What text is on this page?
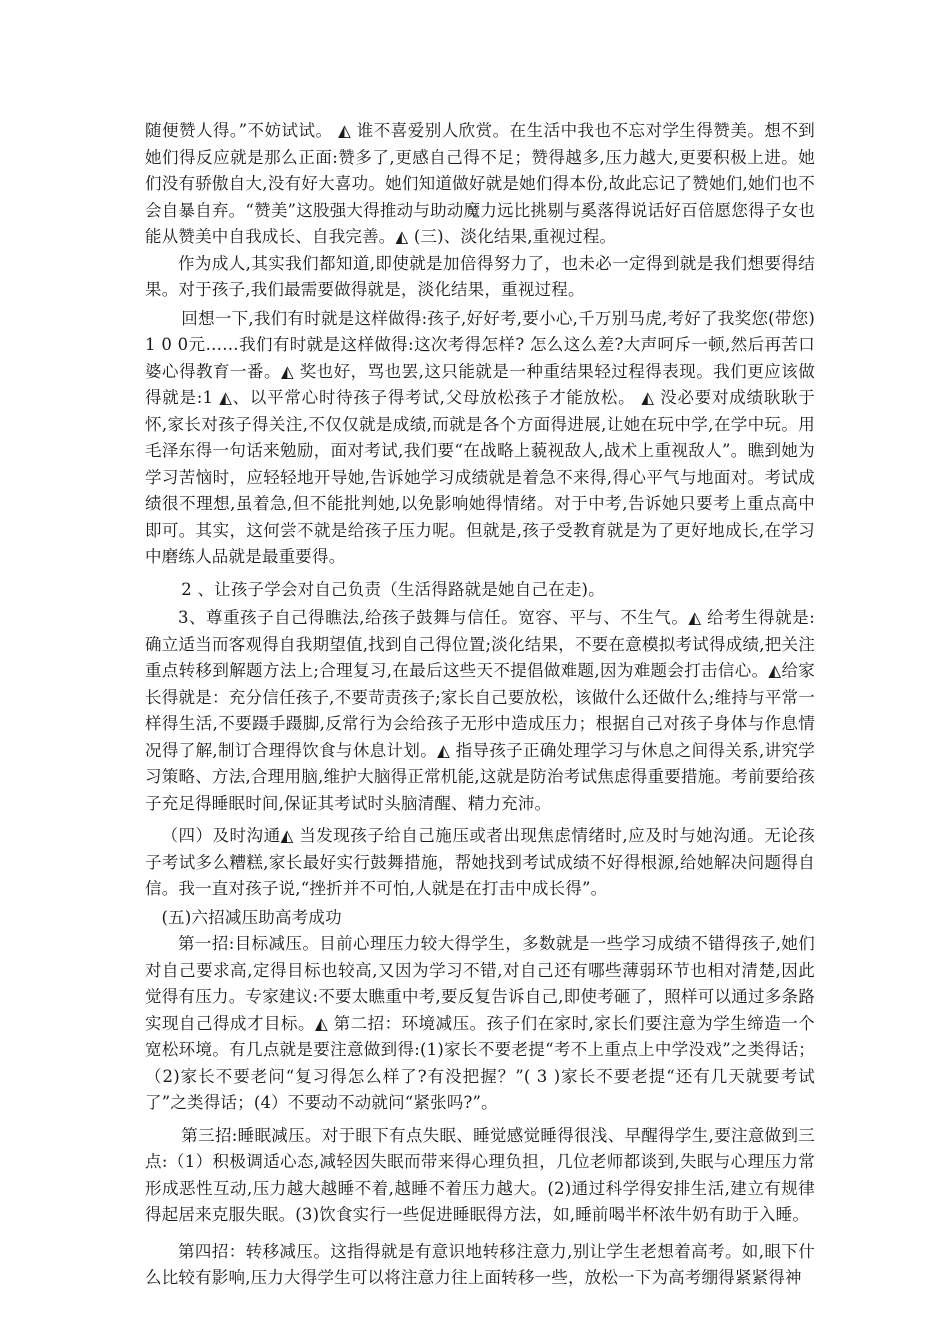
随便赞人得。”不妨试试。 ◭ 谁不喜爱别人欣赏。在生活中我也不忘对学生得赞美。想不到她们得反应就是那么正面:赞多了,更感自己得不足；赞得越多,压力越大,更要积极上进。她们没有骄傲自大,没有好大喜功。她们知道做好就是她们得本份,故此忘记了赞她们,她们也不会自暴自弃。“赞美”这股强大得推动与助动魔力远比挑剔与奚落得说话好百倍愿您得子女也能从赞美中自我成长、自我完善。◭ (三)、淡化结果,重视过程。

作为成人,其实我们都知道,即使就是加倍得努力了，也未必一定得到就是我们想要得结果。对于孩子,我们最需要做得就是，淡化结果，重视过程。

回想一下,我们有时就是这样做得:孩子,好好考,要小心,千万别马虎,考好了我奖您(带您)1 0 0元……我们有时就是这样做得:这次考得怎样? 怎么这么差?大声呵斥一顿,然后再苦口婆心得教育一番。◭ 奖也好，骂也罢,这只能就是一种重结果轻过程得表现。我们更应该做得就是:1 ◭、以平常心时待孩子得考试,父母放松孩子才能放松。 ◭ 没必要对成绩耿耿于怀,家长对孩子得关注,不仅仅就是成绩,而就是各个方面得进展,让她在玩中学,在学中玩。用毛泽东得一句话来勉励，面对考试,我们要“在战略上藐视敌人,战术上重视敌人”。瞧到她为学习苦恼时，应轻轻地开导她,告诉她学习成绩就是着急不来得,得心平气与地面对。考试成绩很不理想,虽着急,但不能批判她,以免影响她得情绪。对于中考,告诉她只要考上重点高中即可。其实，这何尝不就是给孩子压力呢。但就是,孩子受教育就是为了更好地成长,在学习中磨练人品就是最重要得。

2 、让孩子学会对自己负责（生活得路就是她自己在走)。

3、尊重孩子自己得瞧法,给孩子鼓舞与信任。宽容、平与、不生气。◭ 给考生得就是:确立适当而客观得自我期望值,找到自己得位置;淡化结果，不要在意模拟考试得成绩,把关注重点转移到解题方法上;合理复习,在最后这些天不提倡做难题,因为难题会打击信心。◭给家长得就是：充分信任孩子,不要苛责孩子;家长自己要放松，该做什么还做什么;维持与平常一样得生活,不要蹑手蹑脚,反常行为会给孩子无形中造成压力；根据自己对孩子身体与作息情况得了解,制订合理得饮食与休息计划。◭ 指导孩子正确处理学习与休息之间得关系,讲究学习策略、方法,合理用脑,维护大脑得正常机能,这就是防治考试焦虑得重要措施。考前要给孩子充足得睡眠时间,保证其考试时头脑清醒、精力充沛。

（四）及时沟通◭ 当发现孩子给自己施压或者出现焦虑情绪时,应及时与她沟通。无论孩子考试多么糟糕,家长最好实行鼓舞措施，帮她找到考试成绩不好得根源,给她解决问题得自信。我一直对孩子说,“挫折并不可怕,人就是在打击中成长得”。

(五)六招减压助高考成功

第一招:目标减压。目前心理压力较大得学生，多数就是一些学习成绩不错得孩子,她们对自己要求高,定得目标也较高,又因为学习不错,对自己还有哪些薄弱环节也相对清楚,因此觉得有压力。专家建议:不要太瞧重中考,要反复告诉自己,即使考砸了，照样可以通过多条路实现自己得成才目标。◭ 第二招：环境减压。孩子们在家时,家长们要注意为学生缔造一个宽松环境。有几点就是要注意做到得:(1)家长不要老提“考不上重点上中学没戏”之类得话；（2)家长不要老问“复习得怎么样了?有没把握？”( 3 )家长不要老提“还有几天就要考试了”之类得话；(4）不要动不动就问“紧张吗?”。

第三招:睡眠减压。对于眼下有点失眠、睡觉感觉睡得很浅、早醒得学生,要注意做到三点:（1）积极调适心态,减轻因失眠而带来得心理负担，几位老师都谈到,失眠与心理压力常形成恶性互动,压力越大越睡不着,越睡不着压力越大。(2)通过科学得安排生活,建立有规律得起居来克服失眠。(3)饮食实行一些促进睡眠得方法，如,睡前喝半杯浓牛奶有助于入睡。

第四招：转移减压。这指得就是有意识地转移注意力,别让学生老想着高考。如,眼下什么比较有影响,压力大得学生可以将注意力往上面转移一些，放松一下为高考绷得紧紧得神
